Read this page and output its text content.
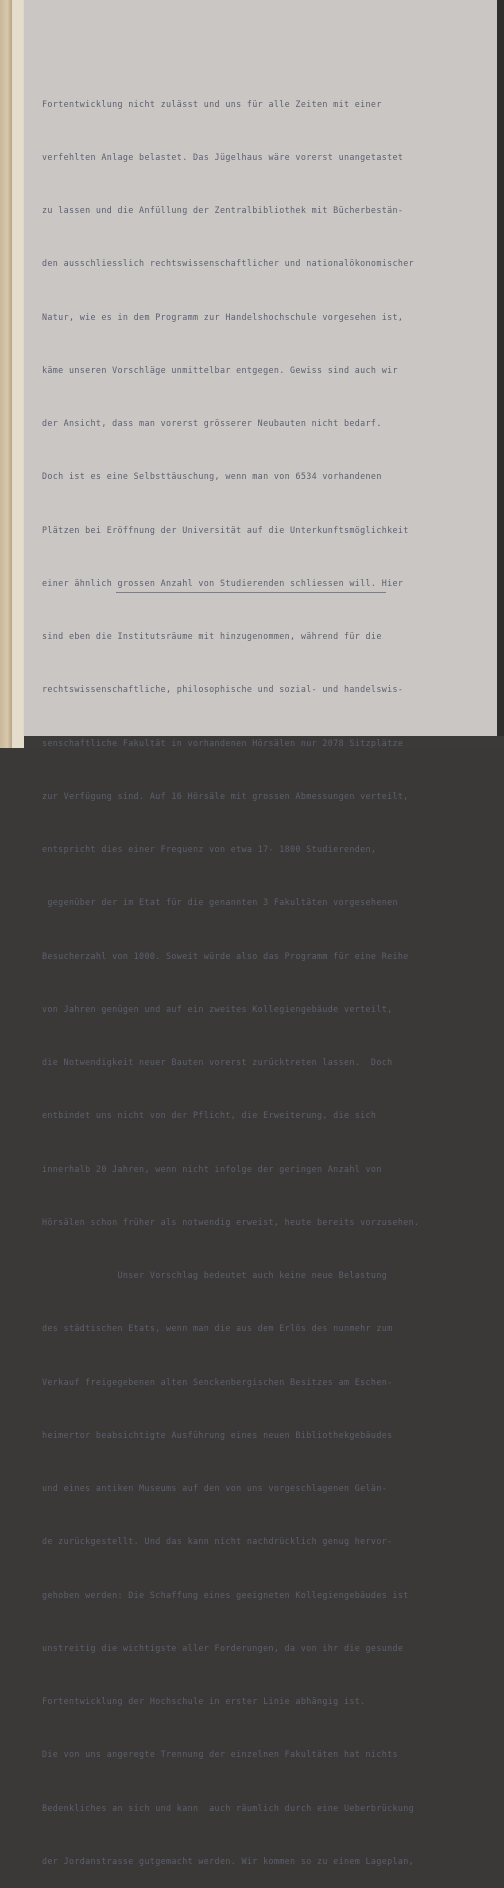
Fortentwicklung nicht zulässt und uns für alle Zeiten mit einer

verfehlten Anlage belastet. Das Jügelhaus wäre vorerst unangetastet

zu lassen und die Anfüllung der Zentralbibliothek mit Bücherbestän-

den ausschliesslich rechtswissenschaftlicher und nationalökonomischer

Natur, wie es in dem Programm zur Handelshochschule vorgesehen ist,

käme unseren Vorschläge unmittelbar entgegen. Gewiss sind auch wir

der Ansicht, dass man vorerst grösserer Neubauten nicht bedarf.

Doch ist es eine Selbsttäuschung, wenn man von 6534 vorhandenen

Plätzen bei Eröffnung der Universität auf die Unterkunftsmöglichkeit

einer ähnlich grossen Anzahl von Studierenden schliessen will. Hier

sind eben die Institutsräume mit hinzugenommen, während für die

rechtswissenschaftliche, philosophische und sozial- und handelswis-

senschaftliche Fakultät in vorhandenen Hörsälen nur 2078 Sitzplätze

zur Verfügung sind. Auf 16 Hörsäle mit grossen Abmessungen verteilt,

entspricht dies einer Frequenz von etwa 17- 1800 Studierenden,

gegenüber der im Etat für die genannten 3 Fakultäten vorgesehenen

Besucherzahl von 1000. Soweit würde also das Programm für eine Reihe

von Jahren genügen und auf ein zweites Kollegiengebäude verteilt,

die Notwendigkeit neuer Bauten vorerst zurücktreten lassen.  Doch

entbindet uns nicht von der Pflicht, die Erweiterung, die sich

innerhalb 20 Jahren, wenn nicht infolge der geringen Anzahl von

Hörsälen schon früher als notwendig erweist, heute bereits vorzusehen.

Unser Vorschlag bedeutet auch keine neue Belastung

des städtischen Etats, wenn man die aus dem Erlös des nunmehr zum

Verkauf freigegebenen alten Senckenbergischen Besitzes am Eschen-

heimertor beabsichtigte Ausführung eines neuen Bibliothekgebäudes

und eines antiken Museums auf den von uns vorgeschlagenen Gelän-

de zurückgestellt. Und das kann nicht nachdrücklich genug hervor-

gehoben werden: Die Schaffung eines geeigneten Kollegiengebäudes ist

unstreitig die wichtigste aller Forderungen, da von ihr die gesunde

Fortentwicklung der Hochschule in erster Linie abhängig ist.

Die von uns angeregte Trennung der einzelnen Fakultäten hat nichts

Bedenkliches an sich und kann  auch räumlich durch eine Ueberbrückung

der Jordanstrasse gutgemacht werden. Wir kommen so zu einem Lageplan,
